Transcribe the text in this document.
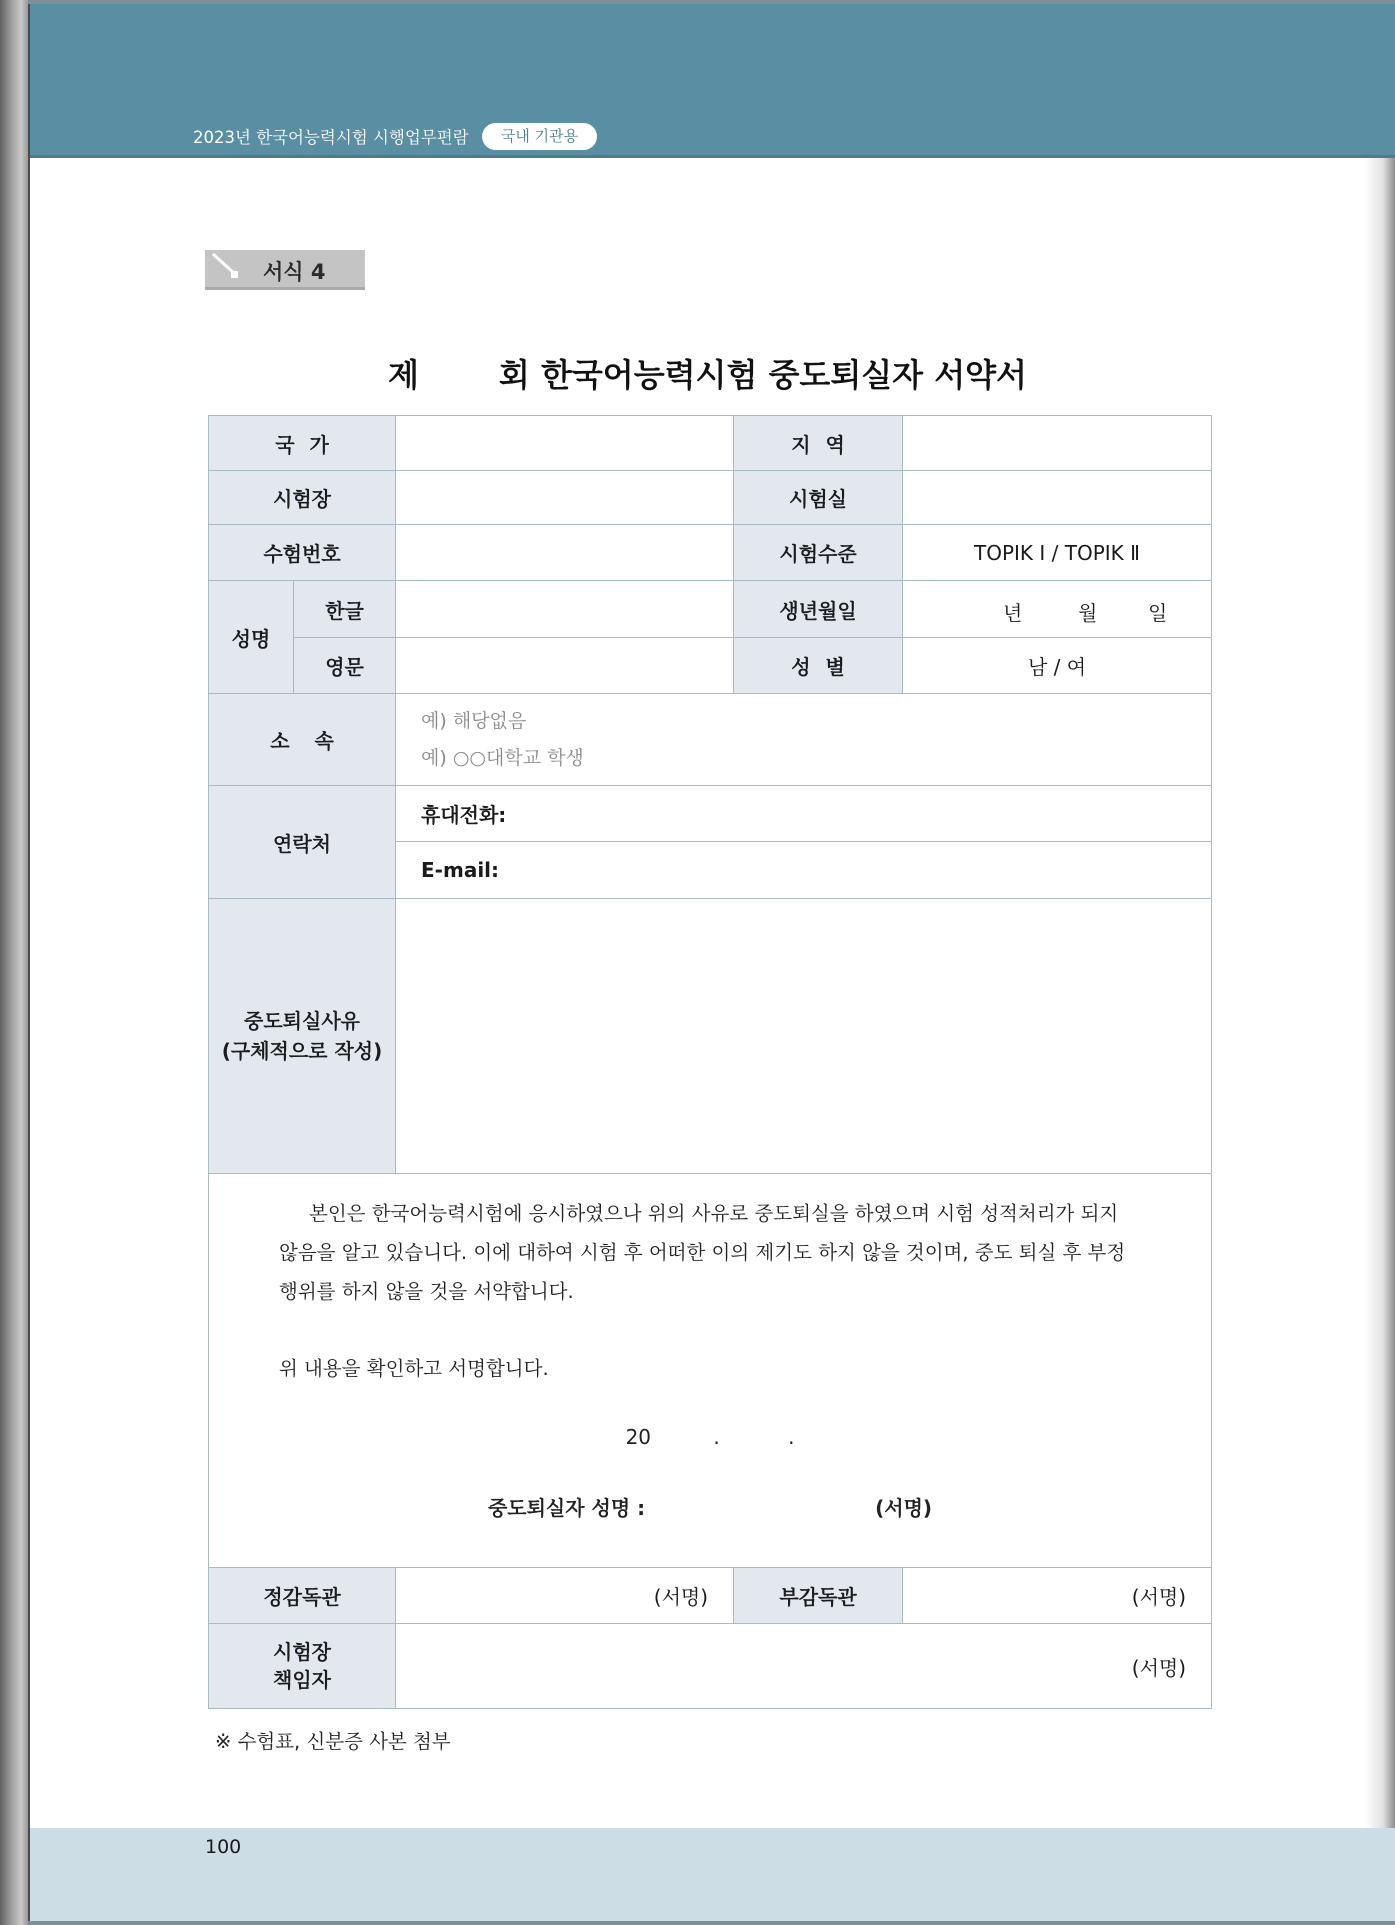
2023년 한국어능력시험 시행업무편람	국내 기관용
서식 4
제	회 한국어능력시험 중도퇴실자 서약서
국 가			지 역	
시험장			시험실	
수험번호			시험수준	TOPIK Ⅰ / TOPIK Ⅱ
성명	한글		생년월일	년 월 일

	영문		성 별	남 / 여
소 속		예) 해당없음
예) ○○대학교 학생		

연락처		휴대전화:		
		E-mail:		

중도퇴실사유
(구체적으로 작성)				

본인은 한국어능력시험에 응시하였으나 위의 사유로 중도퇴실을 하였으며 시험 성적처리가 되지 않음을 알고 있습니다. 이에 대하여 시험 후 어떠한 이의 제기도 하지 않을 것이며, 중도 퇴실 후 부정행위를 하지 않을 것을 서약합니다.

위 내용을 확인하고 서명합니다.

20 . .
중도퇴실자 성명 : (서명)				

정감독관		(서명)	부감독관	(서명)

시험장
책임자		(서명)		
※ 수험표, 신분증 사본 첨부
100
